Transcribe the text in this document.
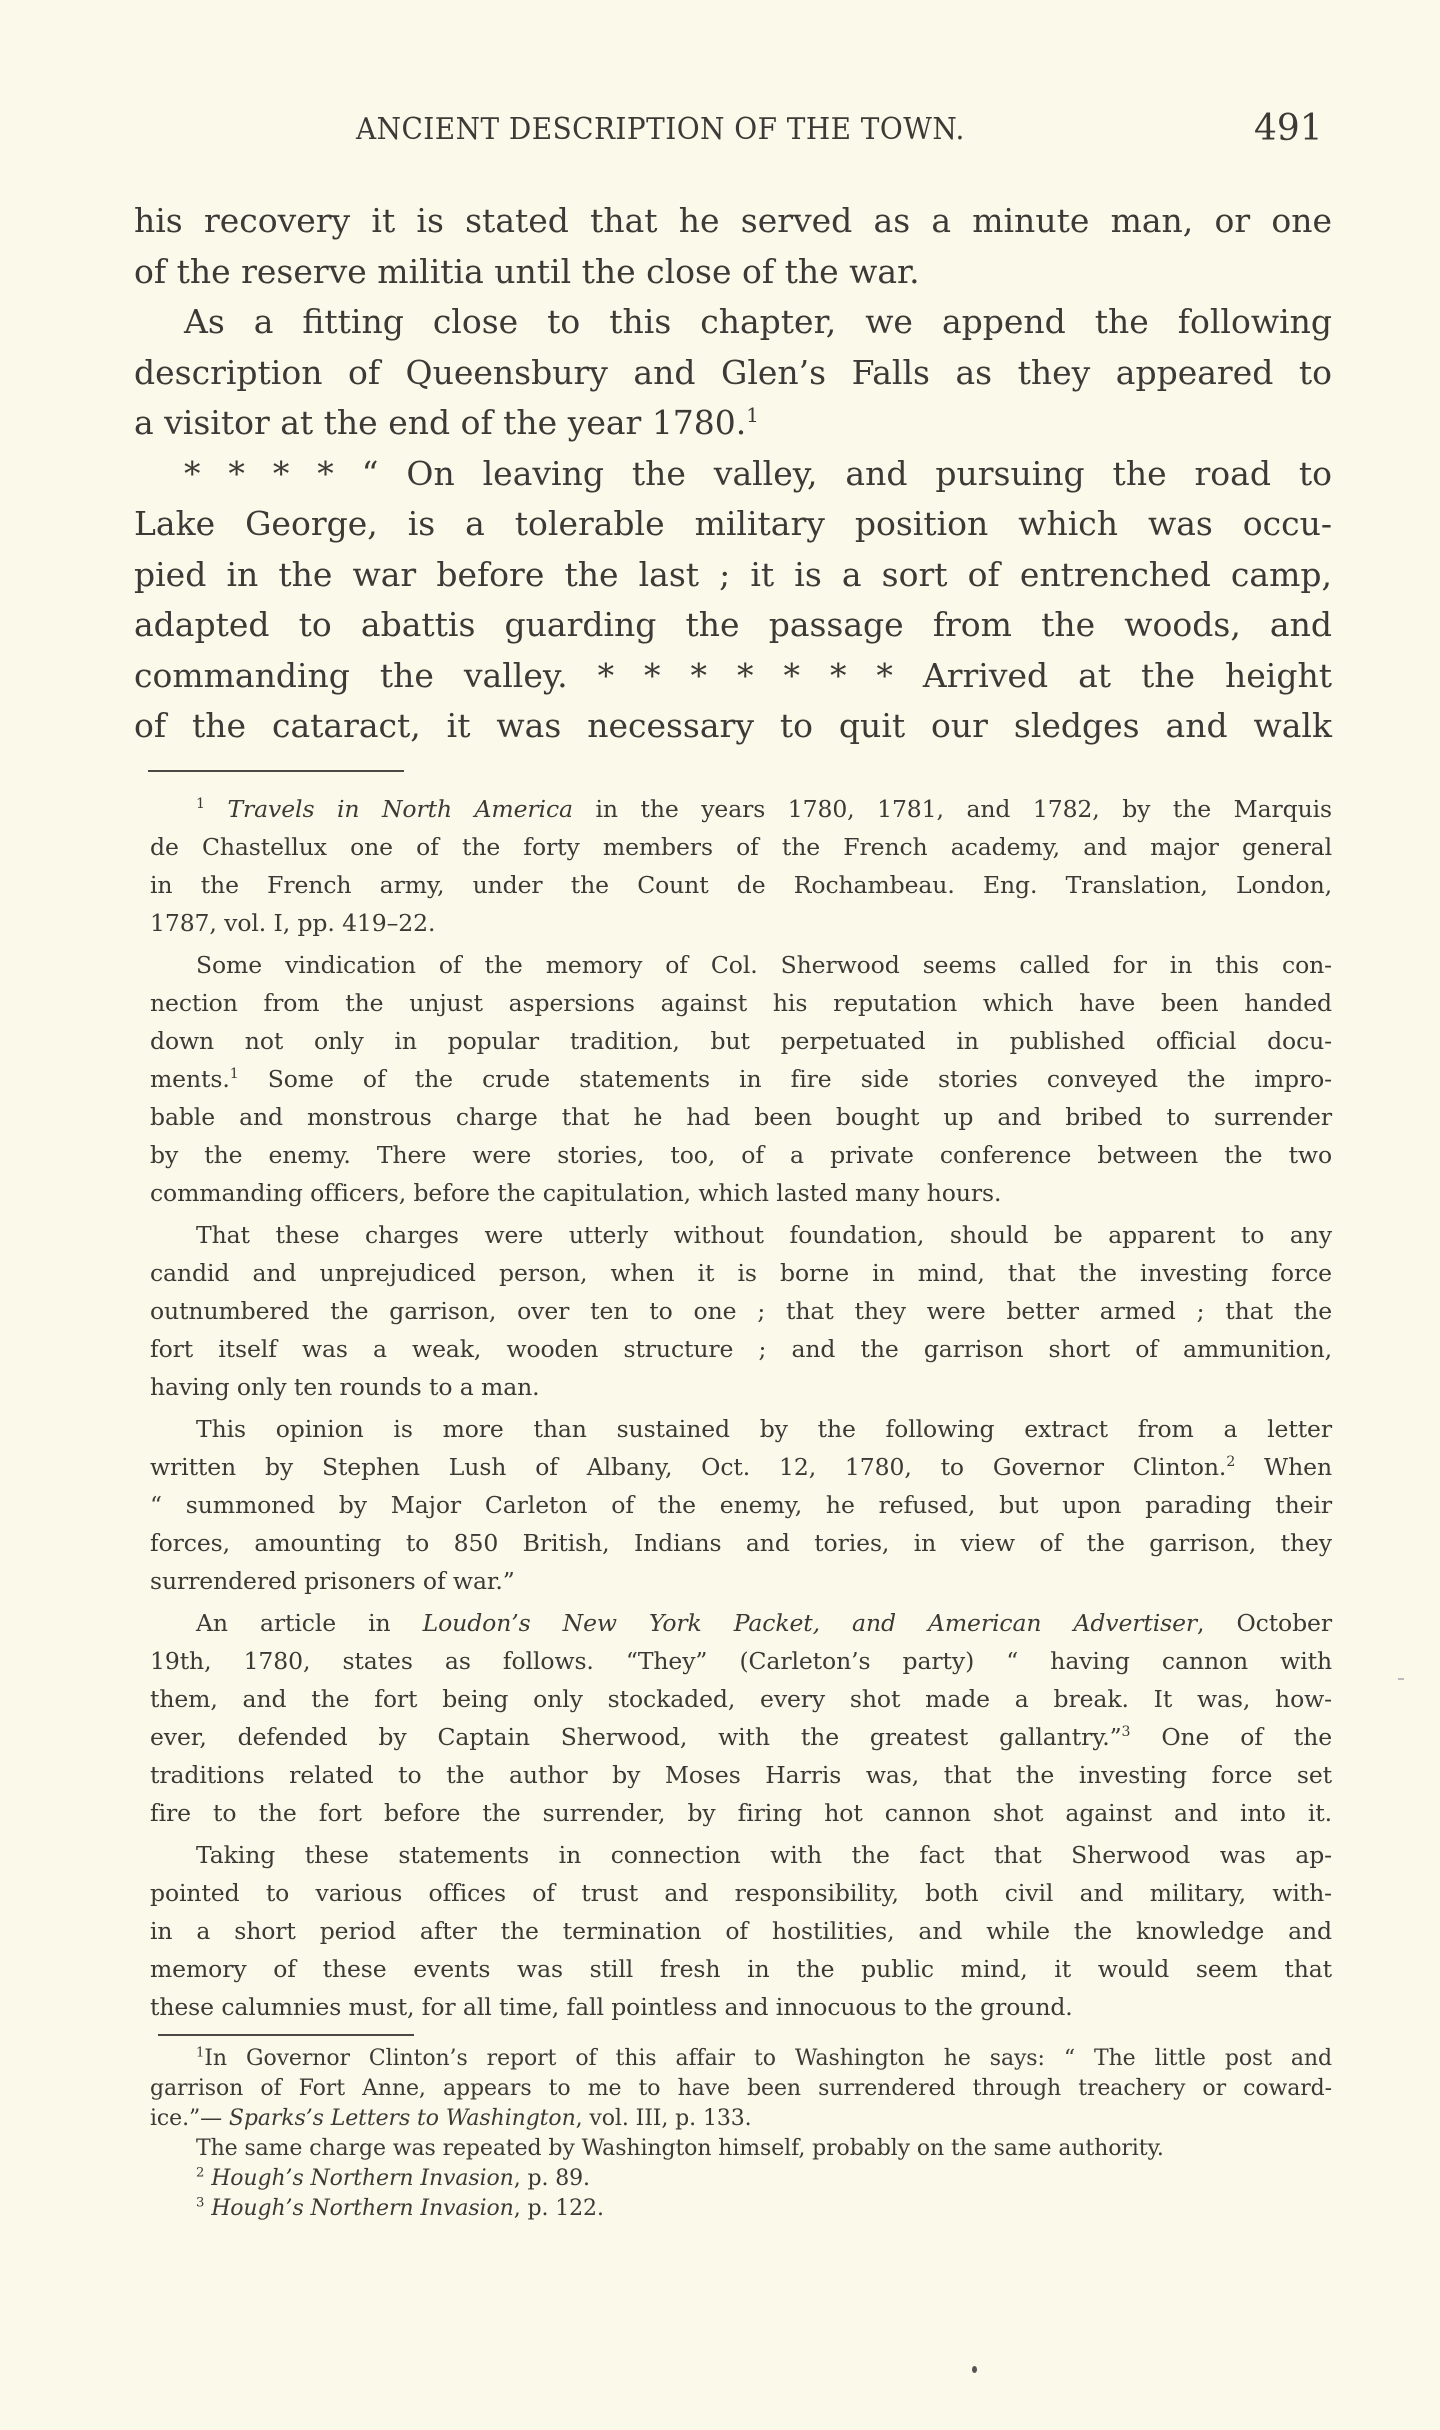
ANCIENT DESCRIPTION OF THE TOWN.	491
his recovery it is stated that he served as a minute man, or one
of the reserve militia until the close of the war.
As a fitting close to this chapter, we append the following
description of Queensbury and Glen’s Falls as they appeared to
a visitor at the end of the year 1780.$^1$
* * * * “ On leaving the valley, and pursuing the road to
Lake George, is a tolerable military position which was occu-
pied in the war before the last ; it is a sort of entrenched camp,
adapted to abattis guarding the passage from the woods, and
commanding the valley. * * * * * * * Arrived at the height
of the cataract, it was necessary to quit our sledges and walk
$^1$ Travels in North America in the years 1780, 1781, and 1782, by the Marquis
de Chastellux one of the forty members of the French academy, and major general
in the French army, under the Count de Rochambeau. Eng. Translation, London,
1787, vol. I, pp. 419–22.
Some vindication of the memory of Col. Sherwood seems called for in this con-
nection from the unjust aspersions against his reputation which have been handed
down not only in popular tradition, but perpetuated in published official docu-
ments.$^1$ Some of the crude statements in fire side stories conveyed the impro-
bable and monstrous charge that he had been bought up and bribed to surrender
by the enemy. There were stories, too, of a private conference between the two
commanding officers, before the capitulation, which lasted many hours.
That these charges were utterly without foundation, should be apparent to any
candid and unprejudiced person, when it is borne in mind, that the investing force
outnumbered the garrison, over ten to one ; that they were better armed ; that the
fort itself was a weak, wooden structure ; and the garrison short of ammunition,
having only ten rounds to a man.
This opinion is more than sustained by the following extract from a letter
written by Stephen Lush of Albany, Oct. 12, 1780, to Governor Clinton.$^2$ When
“ summoned by Major Carleton of the enemy, he refused, but upon parading their
forces, amounting to 850 British, Indians and tories, in view of the garrison, they
surrendered prisoners of war.”
An article in Loudon’s New York Packet, and American Advertiser, October
19th, 1780, states as follows. “They” (Carleton’s party) “ having cannon with
them, and the fort being only stockaded, every shot made a break. It was, how-
ever, defended by Captain Sherwood, with the greatest gallantry.”$^3$ One of the
traditions related to the author by Moses Harris was, that the investing force set
fire to the fort before the surrender, by firing hot cannon shot against and into it.
Taking these statements in connection with the fact that Sherwood was ap-
pointed to various offices of trust and responsibility, both civil and military, with-
in a short period after the termination of hostilities, and while the knowledge and
memory of these events was still fresh in the public mind, it would seem that
these calumnies must, for all time, fall pointless and innocuous to the ground.
$^1$In Governor Clinton’s report of this affair to Washington he says: “ The little post and
garrison of Fort Anne, appears to me to have been surrendered through treachery or coward-
ice.”— Sparks’s Letters to Washington, vol. III, p. 133.
The same charge was repeated by Washington himself, probably on the same authority.
$^2$ Hough’s Northern Invasion, p. 89.
$^3$ Hough’s Northern Invasion, p. 122.
